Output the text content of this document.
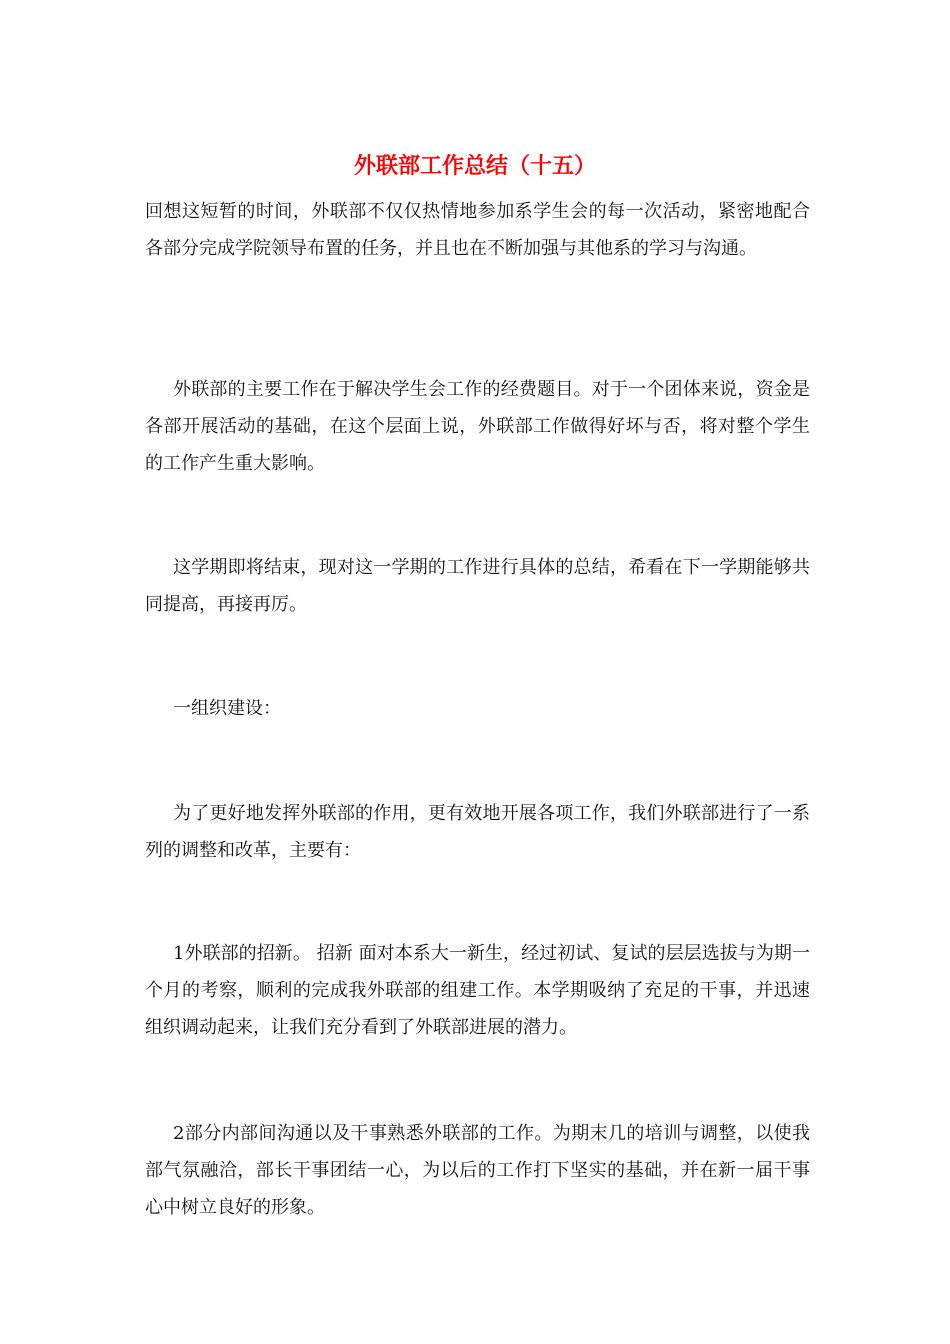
外联部工作总结（十五）

回想这短暂的时间，外联部不仅仅热情地参加系学生会的每一次活动，紧密地配合各部分完成学院领导布置的任务，并且也在不断加强与其他系的学习与沟通。

外联部的主要工作在于解决学生会工作的经费题目。对于一个团体来说，资金是各部开展活动的基础，在这个层面上说，外联部工作做得好坏与否，将对整个学生的工作产生重大影响。

这学期即将结束，现对这一学期的工作进行具体的总结，希看在下一学期能够共同提高，再接再厉。

一组织建设：

为了更好地发挥外联部的作用，更有效地开展各项工作，我们外联部进行了一系列的调整和改革，主要有：

1外联部的招新。 招新 面对本系大一新生，经过初试、复试的层层选拔与为期一个月的考察，顺利的完成我外联部的组建工作。本学期吸纳了充足的干事，并迅速组织调动起来，让我们充分看到了外联部进展的潜力。

2部分内部间沟通以及干事熟悉外联部的工作。为期末几的培训与调整，以使我部气氛融洽，部长干事团结一心，为以后的工作打下坚实的基础，并在新一届干事心中树立良好的形象。
